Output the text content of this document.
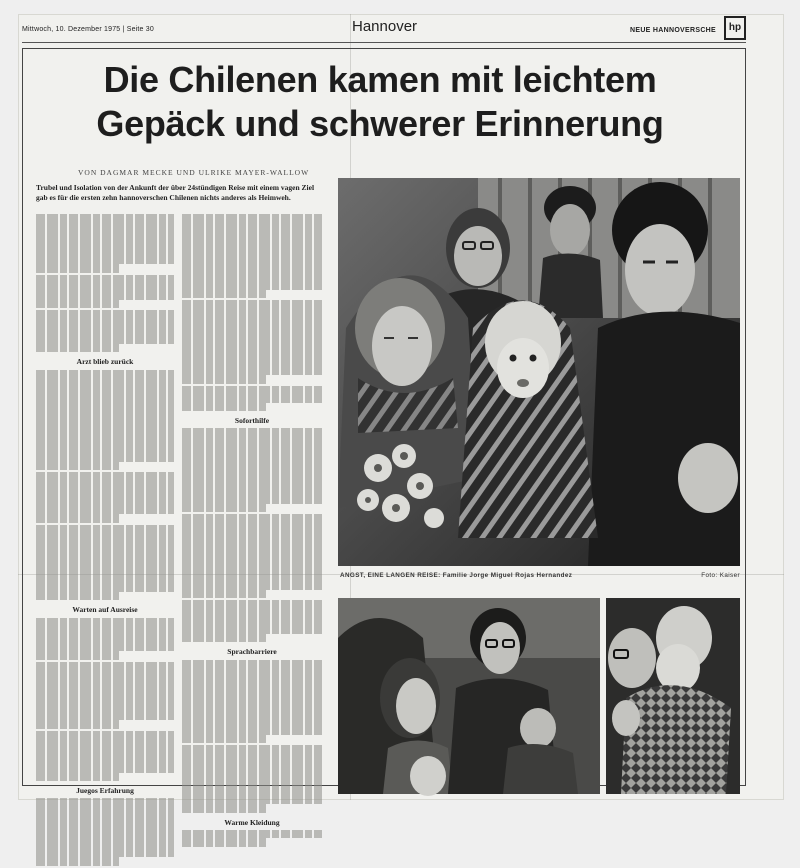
Mittwoch, 10. Dezember 1975 | Seite 30	Hannover	NEUE HANNOVERSCHE	hp
Die Chilenen kamen mit leichtem
Gepäck und schwerer Erinnerung
VON DAGMAR MECKE UND ULRIKE MAYER-WALLOW
Trubel und Isolation von der Ankunft der über 24stündigen Reise mit einem vagen Ziel gab es für die ersten zehn hannoverschen Chilenen nichts anderes als Heimweh.
Arzt blieb zurück
Warten auf Ausreise
Juegos Erfahrung
Soforthilfe
Sprachbarriere
Warme Kleidung
ANGST, EINE LANGEN REISE: Familie Jorge Miguel Rojas Hernandez	Foto: Kaiser
